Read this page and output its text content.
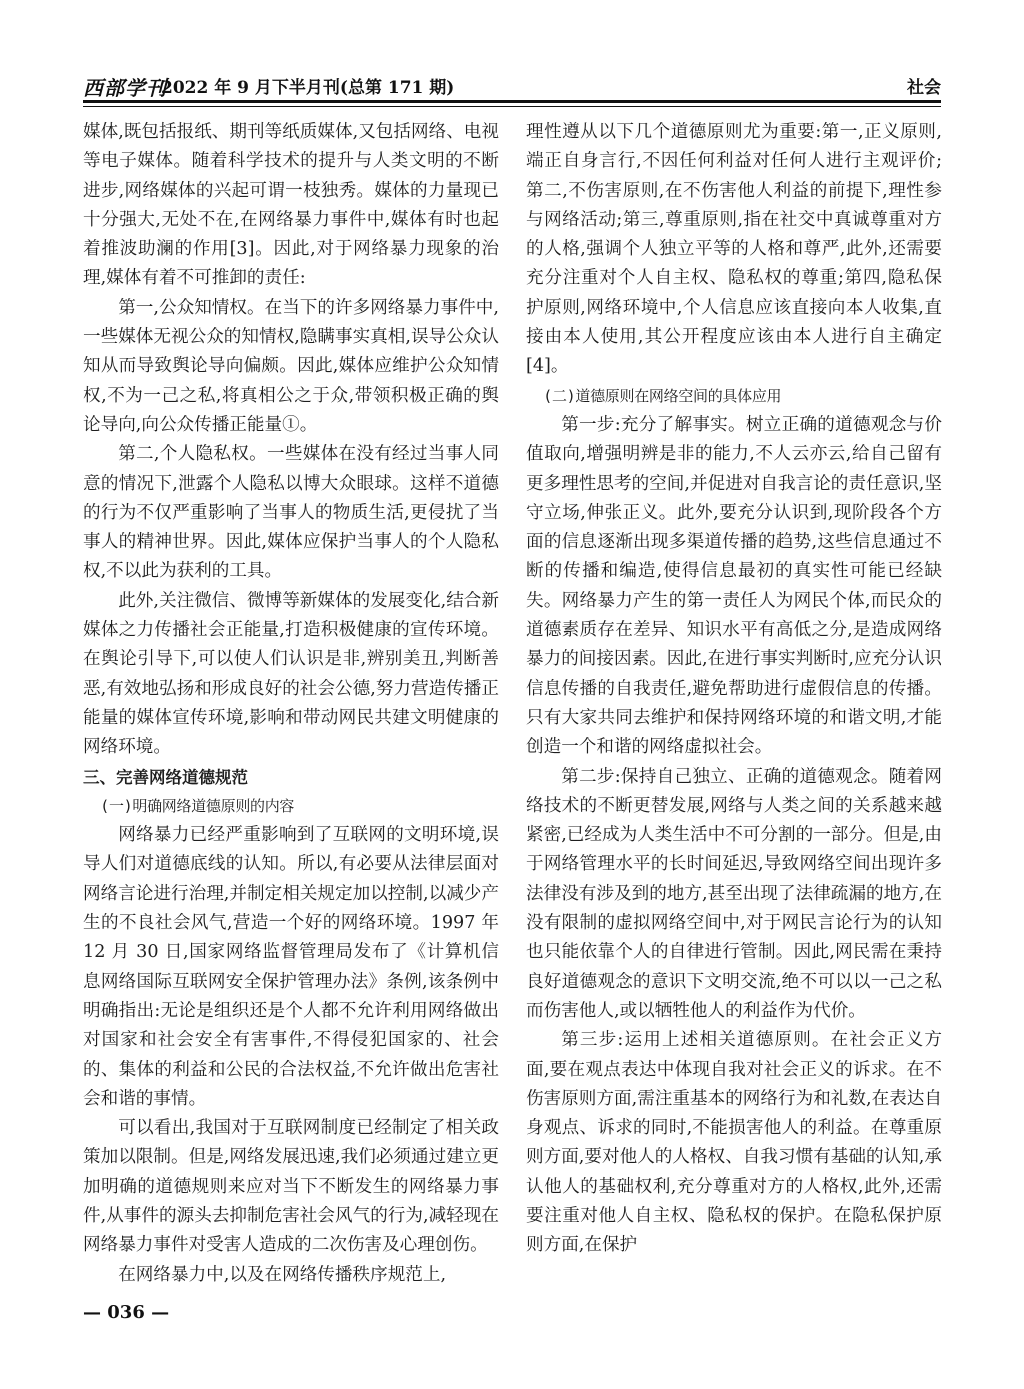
西部学刊
2022 年 9 月下半月刊(总第 171 期)	社会

媒体,既包括报纸、期刊等纸质媒体,又包括网络、电视等电子媒体。随着科学技术的提升与人类文明的不断进步,网络媒体的兴起可谓一枝独秀。媒体的力量现已十分强大,无处不在,在网络暴力事件中,媒体有时也起着推波助澜的作用[3]。因此,对于网络暴力现象的治理,媒体有着不可推卸的责任:

第一,公众知情权。在当下的许多网络暴力事件中,一些媒体无视公众的知情权,隐瞒事实真相,误导公众认知从而导致舆论导向偏颇。因此,媒体应维护公众知情权,不为一己之私,将真相公之于众,带领积极正确的舆论导向,向公众传播正能量①。

第二,个人隐私权。一些媒体在没有经过当事人同意的情况下,泄露个人隐私以博大众眼球。这样不道德的行为不仅严重影响了当事人的物质生活,更侵扰了当事人的精神世界。因此,媒体应保护当事人的个人隐私权,不以此为获利的工具。

此外,关注微信、微博等新媒体的发展变化,结合新媒体之力传播社会正能量,打造积极健康的宣传环境。在舆论引导下,可以使人们认识是非,辨别美丑,判断善恶,有效地弘扬和形成良好的社会公德,努力营造传播正能量的媒体宣传环境,影响和带动网民共建文明健康的网络环境。

三、完善网络道德规范
(一)明确网络道德原则的内容

网络暴力已经严重影响到了互联网的文明环境,误导人们对道德底线的认知。所以,有必要从法律层面对网络言论进行治理,并制定相关规定加以控制,以减少产生的不良社会风气,营造一个好的网络环境。1997 年 12 月 30 日,国家网络监督管理局发布了《计算机信息网络国际互联网安全保护管理办法》条例,该条例中明确指出:无论是组织还是个人都不允许利用网络做出对国家和社会安全有害事件,不得侵犯国家的、社会的、集体的利益和公民的合法权益,不允许做出危害社会和谐的事情。

可以看出,我国对于互联网制度已经制定了相关政策加以限制。但是,网络发展迅速,我们必须通过建立更加明确的道德规则来应对当下不断发生的网络暴力事件,从事件的源头去抑制危害社会风气的行为,减轻现在网络暴力事件对受害人造成的二次伤害及心理创伤。

在网络暴力中,以及在网络传播秩序规范上,

理性遵从以下几个道德原则尤为重要:第一,正义原则,端正自身言行,不因任何利益对任何人进行主观评价;第二,不伤害原则,在不伤害他人利益的前提下,理性参与网络活动;第三,尊重原则,指在社交中真诚尊重对方的人格,强调个人独立平等的人格和尊严,此外,还需要充分注重对个人自主权、隐私权的尊重;第四,隐私保护原则,网络环境中,个人信息应该直接向本人收集,直接由本人使用,其公开程度应该由本人进行自主确定[4]。

(二)道德原则在网络空间的具体应用

第一步:充分了解事实。树立正确的道德观念与价值取向,增强明辨是非的能力,不人云亦云,给自己留有更多理性思考的空间,并促进对自我言论的责任意识,坚守立场,伸张正义。此外,要充分认识到,现阶段各个方面的信息逐渐出现多渠道传播的趋势,这些信息通过不断的传播和编造,使得信息最初的真实性可能已经缺失。网络暴力产生的第一责任人为网民个体,而民众的道德素质存在差异、知识水平有高低之分,是造成网络暴力的间接因素。因此,在进行事实判断时,应充分认识信息传播的自我责任,避免帮助进行虚假信息的传播。只有大家共同去维护和保持网络环境的和谐文明,才能创造一个和谐的网络虚拟社会。

第二步:保持自己独立、正确的道德观念。随着网络技术的不断更替发展,网络与人类之间的关系越来越紧密,已经成为人类生活中不可分割的一部分。但是,由于网络管理水平的长时间延迟,导致网络空间出现许多法律没有涉及到的地方,甚至出现了法律疏漏的地方,在没有限制的虚拟网络空间中,对于网民言论行为的认知也只能依靠个人的自律进行管制。因此,网民需在秉持良好道德观念的意识下文明交流,绝不可以以一己之私而伤害他人,或以牺牲他人的利益作为代价。

第三步:运用上述相关道德原则。在社会正义方面,要在观点表达中体现自我对社会正义的诉求。在不伤害原则方面,需注重基本的网络行为和礼数,在表达自身观点、诉求的同时,不能损害他人的利益。在尊重原则方面,要对他人的人格权、自我习惯有基础的认知,承认他人的基础权利,充分尊重对方的人格权,此外,还需要注重对他人自主权、隐私权的保护。在隐私保护原则方面,在保护

— 036 —
